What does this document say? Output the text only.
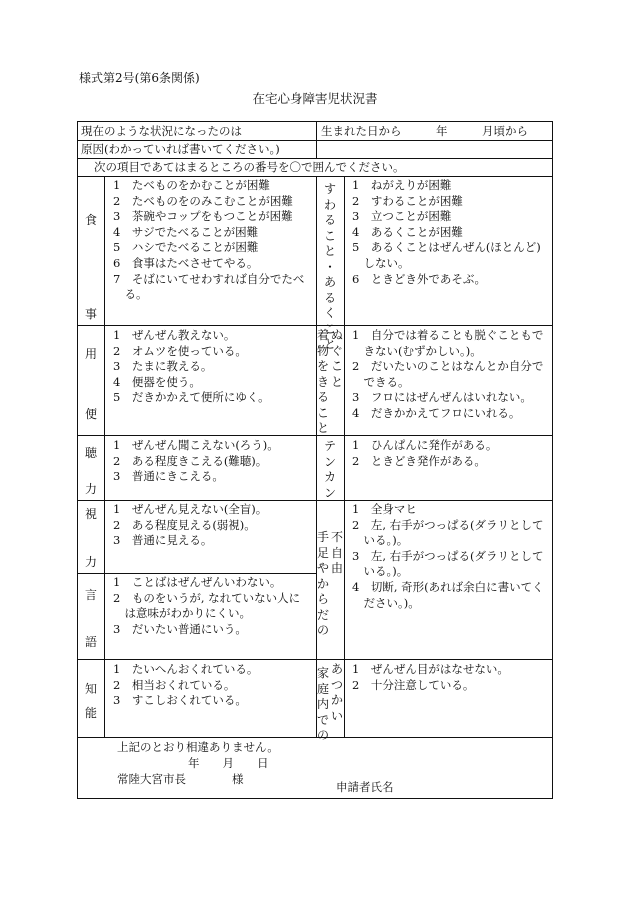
様式第2号(第6条関係)
在宅心身障害児状況書
現在のような状況になったのは	生まれた日から　　　年　　　月頃から
原因(わかっていれば書いてください。)
次の項目であてはまるところの番号を〇で囲んでください。
食
事
1　たべものをかむことが困難
2　たべものをのみこむことが困難
3　茶碗やコップをもつことが困難
4　サジでたべることが困難
5　ハシでたべることが困難
6　食事はたべさせてやる。
7　そばにいてせわすれば自分でたべ
　る。
す
わ
る
こ
と
・
あ
る
く
こ
と
1　ねがえりが困難
2　すわることが困難
3　立つことが困難
4　あるくことが困難
5　あるくことはぜんぜん(ほとんど)
　しない。
6　ときどき外であそぶ。
用
便
1　ぜんぜん教えない。
2　オムツを使っている。
3　たまに教える。
4　便器を使う。
5　だきかかえて便所にゆく。
ぬ
ぐ
こ
と
着
物
を
き
る
こ
と
1　自分では着ることも脱ぐこともで
　きない(むずかしい。)。
2　だいたいのことはなんとか自分で
　できる。
3　フロにはぜんぜんはいれない。
4　だきかかえてフロにいれる。
聴
力
1　ぜんぜん聞こえない(ろう)。
2　ある程度きこえる(難聴)。
3　普通にきこえる。
テ
ン
カ
ン
1　ひんぱんに発作がある。
2　ときどき発作がある。
視
力
1　ぜんぜん見えない(全盲)。
2　ある程度見える(弱視)。
3　普通に見える。	不
自
由
手
足
や
か
ら
だ
の
1　全身マヒ
2　左, 右手がつっぱる(ダラリとして
　いる。)。
3　左, 右手がつっぱる(ダラリとして
　いる。)。
4　切断, 奇形(あれば余白に書いてく
　ださい。)。
言
語
1　ことばはぜんぜんいわない。
2　ものをいうが, なれていない人に
　は意味がわかりにくい。
3　だいたい普通にいう。
知
能
1　たいへんおくれている。
2　相当おくれている。
3　すこしおくれている。
あ
つ
か
い
家
庭
内
で
の
1　ぜんぜん目がはなせない。
2　十分注意している。
上記のとおり相違ありません。
年　　月　　日
常陸大宮市長　　　　様
申請者氏名
